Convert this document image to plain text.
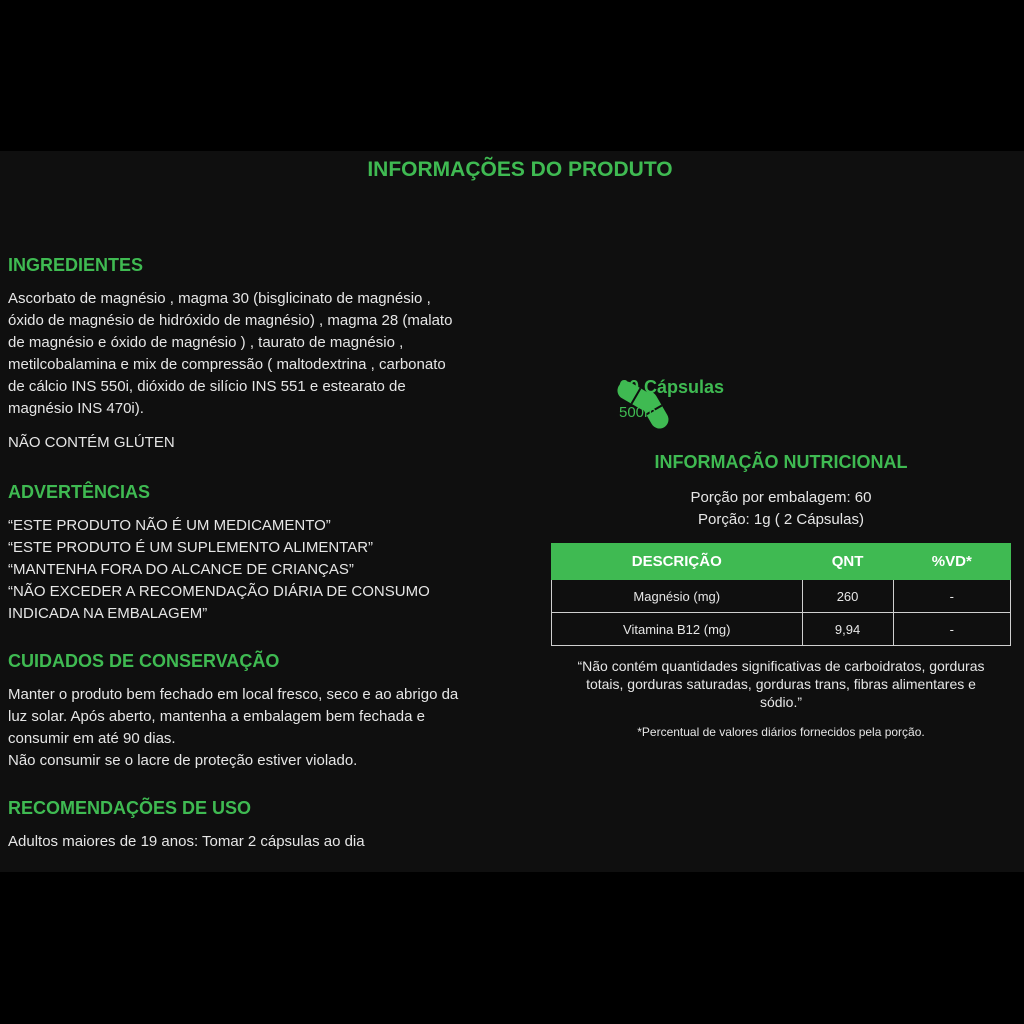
INFORMAÇÕES DO PRODUTO
INGREDIENTES
Ascorbato de magnésio , magma 30 (bisglicinato de magnésio ,
óxido de magnésio de hidróxido de magnésio) , magma 28 (malato
de magnésio e óxido de magnésio ) , taurato de magnésio ,
metilcobalamina e mix de compressão ( maltodextrina , carbonato
de cálcio INS 550i, dióxido de silício INS 551 e estearato de
magnésio INS 470i).
NÃO CONTÉM GLÚTEN
ADVERTÊNCIAS
“ESTE PRODUTO NÃO É UM MEDICAMENTO”
“ESTE PRODUTO É UM SUPLEMENTO ALIMENTAR”
“MANTENHA FORA DO ALCANCE DE CRIANÇAS”
“NÃO EXCEDER A RECOMENDAÇÃO DIÁRIA DE CONSUMO
INDICADA NA EMBALAGEM”
CUIDADOS DE CONSERVAÇÃO
Manter o produto bem fechado em local fresco, seco e ao abrigo da
luz solar. Após aberto, mantenha a embalagem bem fechada e
consumir em até 90 dias.
Não consumir se o lacre de proteção estiver violado.
RECOMENDAÇÕES DE USO
Adultos maiores de 19 anos: Tomar 2 cápsulas ao dia
60 Cápsulas
500mg
INFORMAÇÃO NUTRICIONAL
Porção por embalagem: 60
Porção: 1g ( 2 Cápsulas)
DESCRIÇÃO	QNT	%VD*
Magnésio (mg)	260	-
Vitamina B12 (mg)	9,94	-
“Não contém quantidades significativas de carboidratos, gorduras
totais, gorduras saturadas, gorduras trans, fibras alimentares e
sódio.”
*Percentual de valores diários fornecidos pela porção.
